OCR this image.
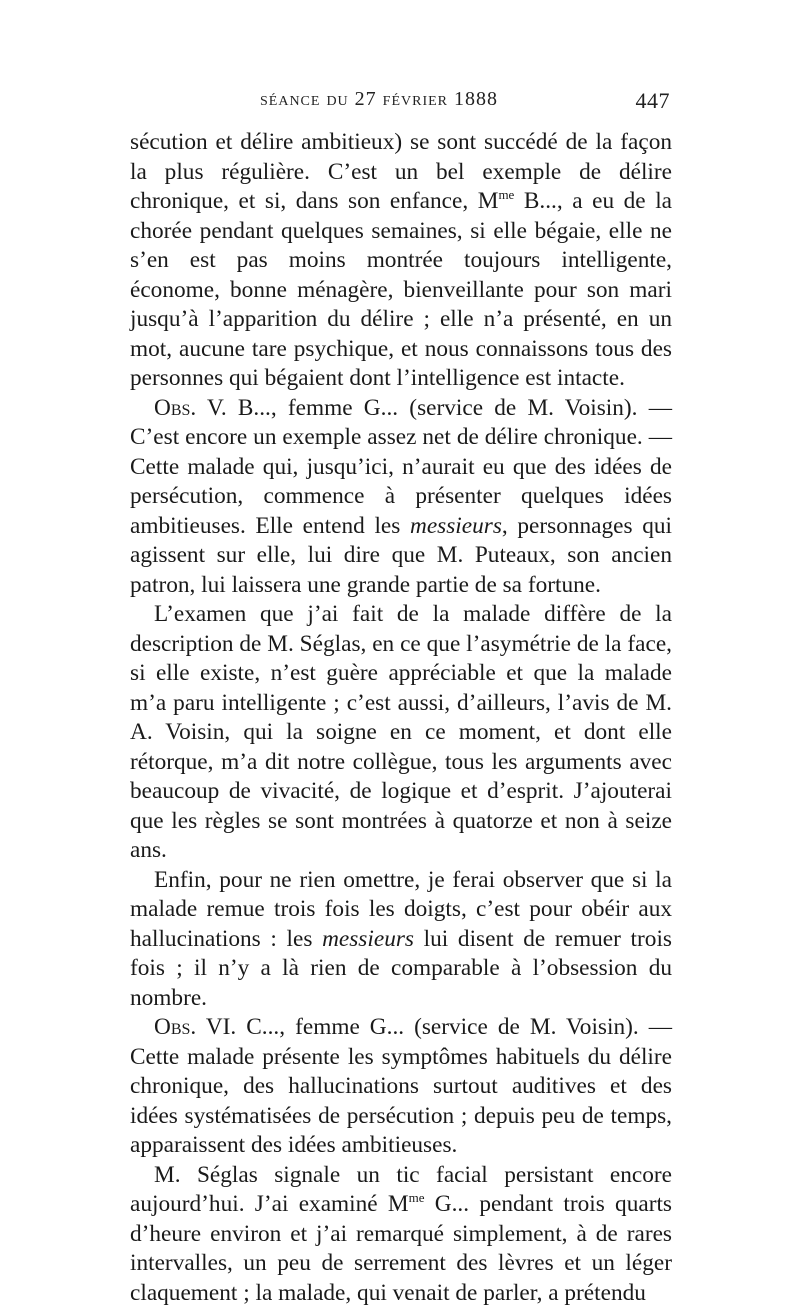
séance du 27 février 1888	447

sécution et délire ambitieux) se sont succédé de la façon la plus régulière. C’est un bel exemple de délire chronique, et si, dans son enfance, $M^{me}$ B..., a eu de la chorée pendant quelques semaines, si elle bégaie, elle ne s’en est pas moins montrée toujours intelligente, économe, bonne ménagère, bienveillante pour son mari jusqu’à l’apparition du délire ; elle n’a présenté, en un mot, aucune tare psychique, et nous connaissons tous des personnes qui bégaient dont l’intelligence est intacte.

Obs. V. B..., femme G... (service de M. Voisin). — C’est encore un exemple assez net de délire chronique. — Cette malade qui, jusqu’ici, n’aurait eu que des idées de persécution, commence à présenter quelques idées ambitieuses. Elle entend les messieurs, personnages qui agissent sur elle, lui dire que M. Puteaux, son ancien patron, lui laissera une grande partie de sa fortune.

L’examen que j’ai fait de la malade diffère de la description de M. Séglas, en ce que l’asymétrie de la face, si elle existe, n’est guère appréciable et que la malade m’a paru intelligente ; c’est aussi, d’ailleurs, l’avis de M. A. Voisin, qui la soigne en ce moment, et dont elle rétorque, m’a dit notre collègue, tous les arguments avec beaucoup de vivacité, de logique et d’esprit. J’ajouterai que les règles se sont montrées à quatorze et non à seize ans.

Enfin, pour ne rien omettre, je ferai observer que si la malade remue trois fois les doigts, c’est pour obéir aux hallucinations : les messieurs lui disent de remuer trois fois ; il n’y a là rien de comparable à l’obsession du nombre.

Obs. VI. C..., femme G... (service de M. Voisin). — Cette malade présente les symptômes habituels du délire chronique, des hallucinations surtout auditives et des idées systématisées de persécution ; depuis peu de temps, apparaissent des idées ambitieuses.

M. Séglas signale un tic facial persistant encore aujourd’hui. J’ai examiné $M^{me}$ G... pendant trois quarts d’heure environ et j’ai remarqué simplement, à de rares intervalles, un peu de serrement des lèvres et un léger claquement ; la malade, qui venait de parler, a prétendu
